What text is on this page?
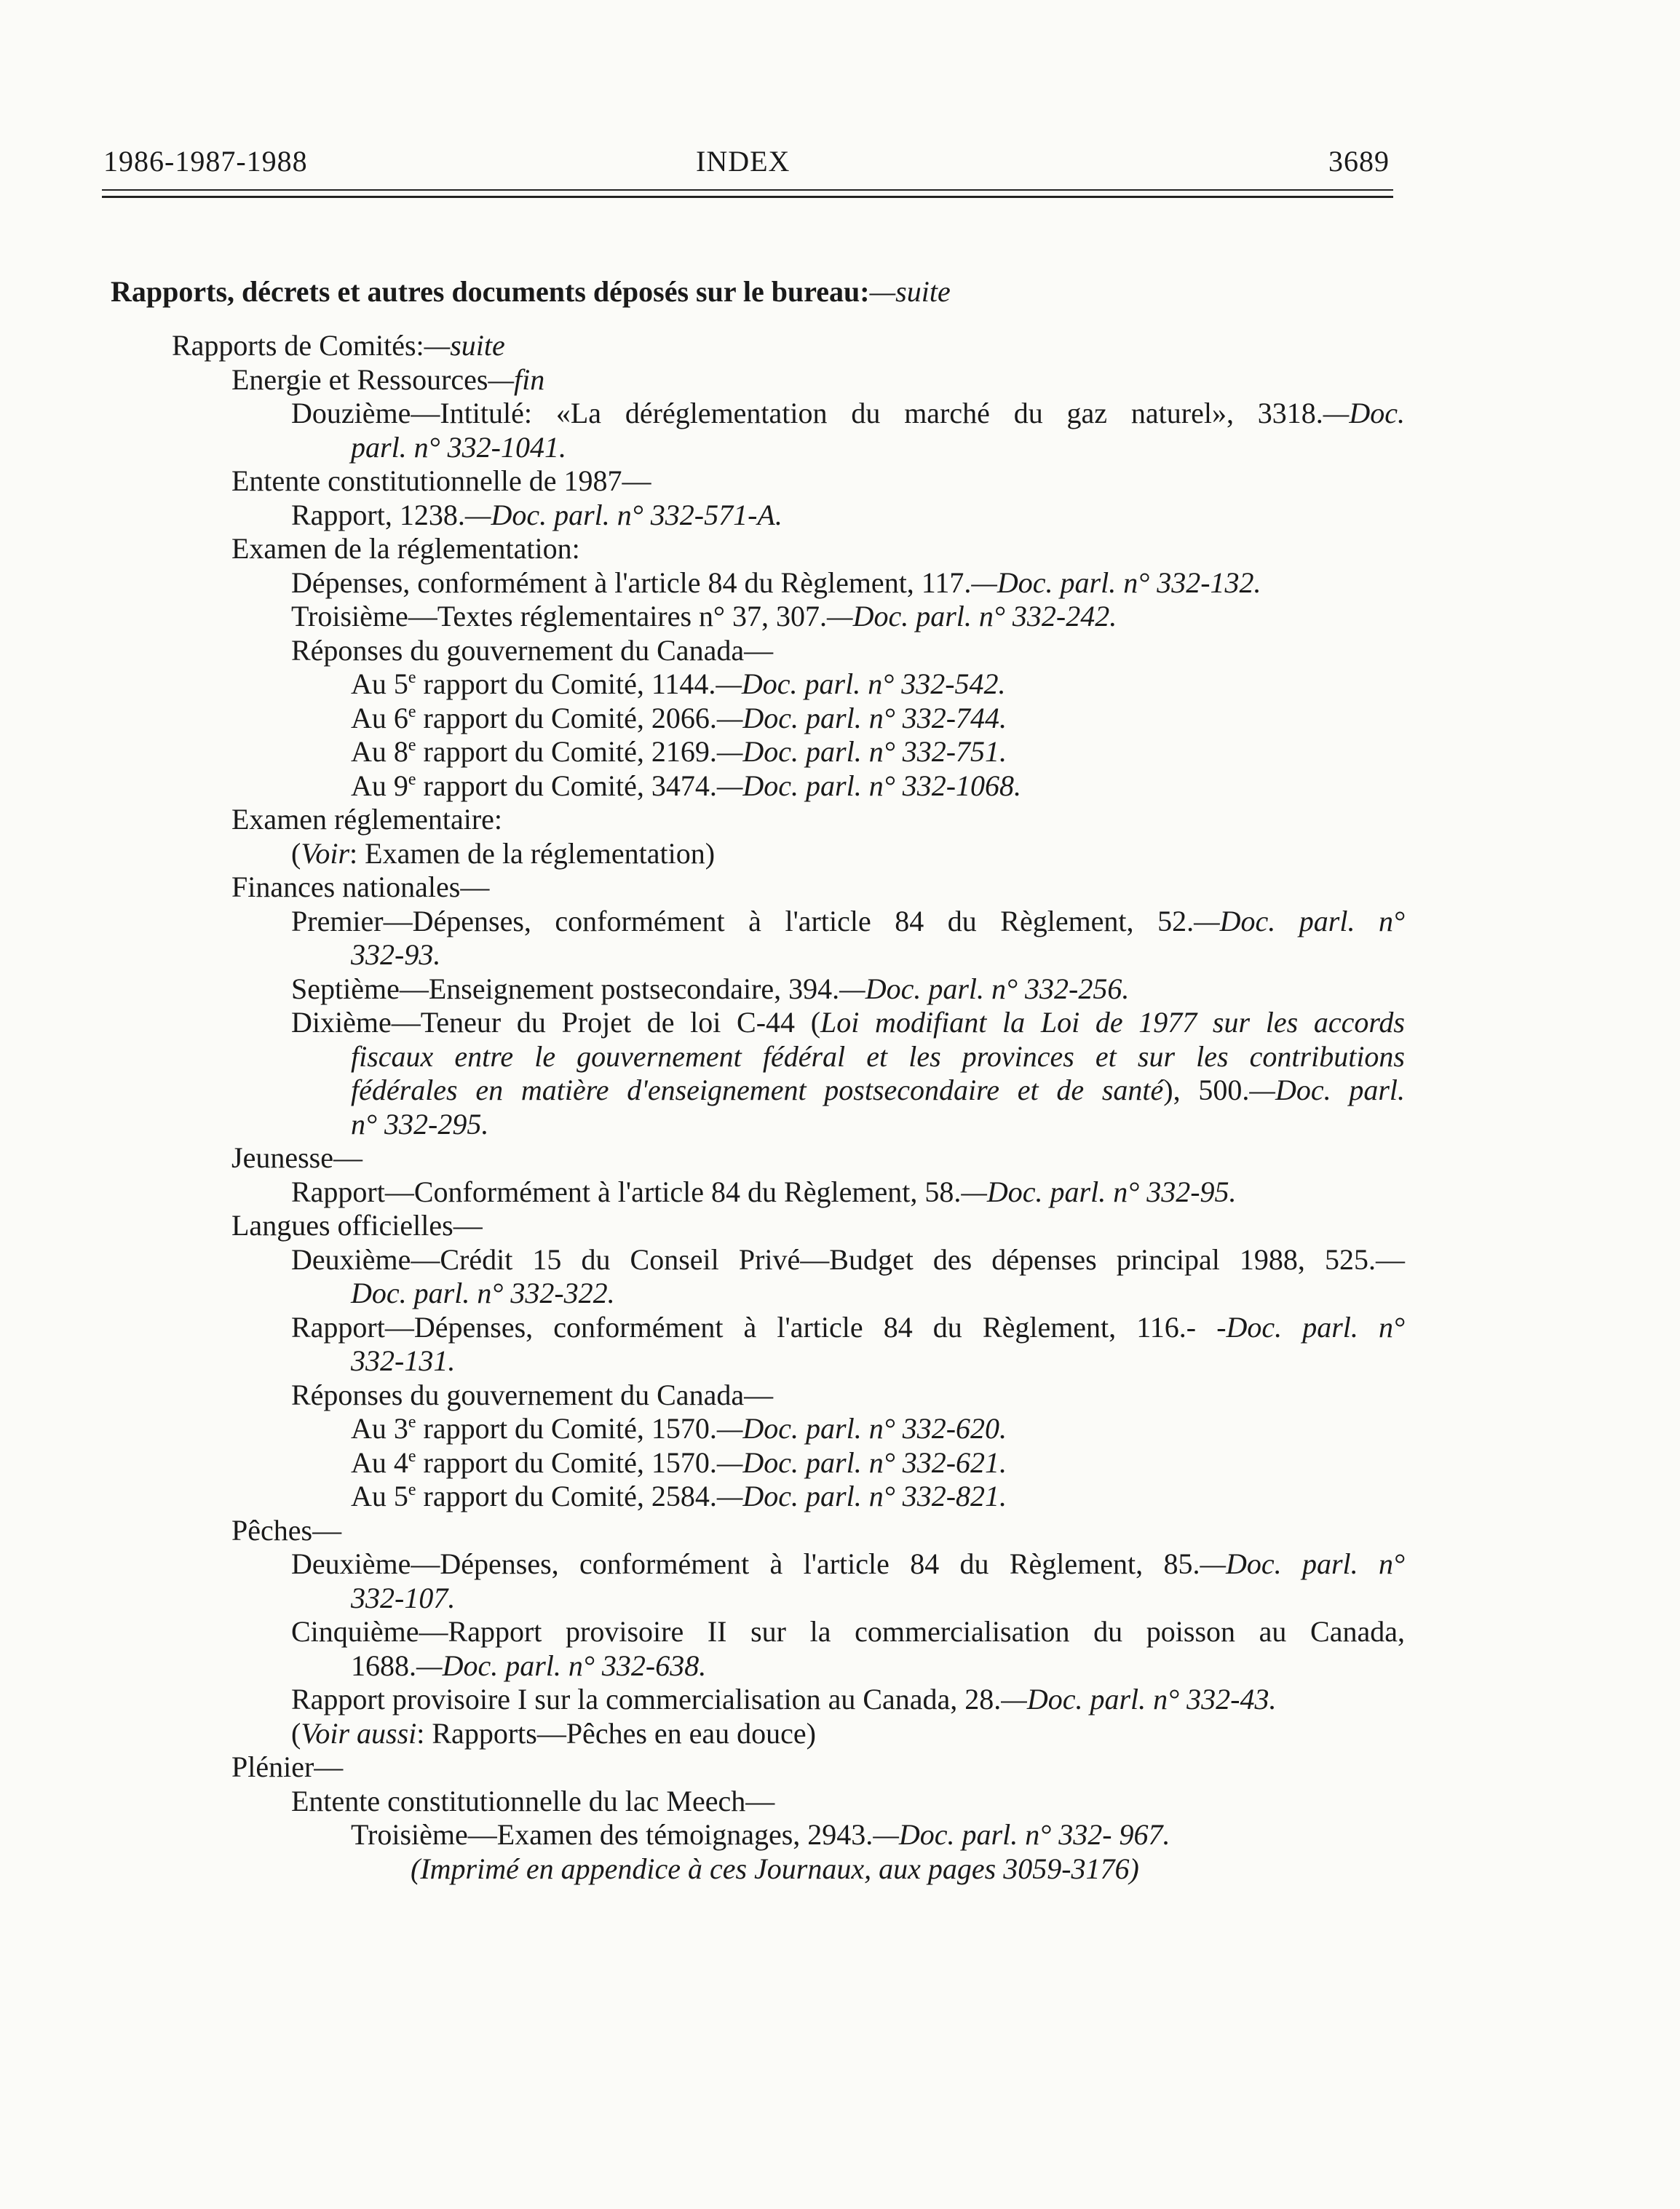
1986-1987-1988	INDEX	3689
Rapports, décrets et autres documents déposés sur le bureau:—suite
Rapports de Comités:—suite
Energie et Ressources—fin
Douzième—Intitulé: «La déréglementation du marché du gaz naturel», 3318.—Doc.
parl. n° 332-1041.
Entente constitutionnelle de 1987—
Rapport, 1238.—Doc. parl. n° 332-571-A.
Examen de la réglementation:
Dépenses, conformément à l'article 84 du Règlement, 117.—Doc. parl. n° 332-132.
Troisième—Textes réglementaires n° 37, 307.—Doc. parl. n° 332-242.
Réponses du gouvernement du Canada—
Au 5e rapport du Comité, 1144.—Doc. parl. n° 332-542.
Au 6e rapport du Comité, 2066.—Doc. parl. n° 332-744.
Au 8e rapport du Comité, 2169.—Doc. parl. n° 332-751.
Au 9e rapport du Comité, 3474.—Doc. parl. n° 332-1068.
Examen réglementaire:
(Voir: Examen de la réglementation)
Finances nationales—
Premier—Dépenses, conformément à l'article 84 du Règlement, 52.—Doc. parl. n°
332-93.
Septième—Enseignement postsecondaire, 394.—Doc. parl. n° 332-256.
Dixième—Teneur du Projet de loi C-44 (Loi modifiant la Loi de 1977 sur les accords
fiscaux entre le gouvernement fédéral et les provinces et sur les contributions
fédérales en matière d'enseignement postsecondaire et de santé), 500.—Doc. parl.
n° 332-295.
Jeunesse—
Rapport—Conformément à l'article 84 du Règlement, 58.—Doc. parl. n° 332-95.
Langues officielles—
Deuxième—Crédit 15 du Conseil Privé—Budget des dépenses principal 1988, 525.—
Doc. parl. n° 332-322.
Rapport—Dépenses, conformément à l'article 84 du Règlement, 116.- -Doc. parl. n°
332-131.
Réponses du gouvernement du Canada—
Au 3e rapport du Comité, 1570.—Doc. parl. n° 332-620.
Au 4e rapport du Comité, 1570.—Doc. parl. n° 332-621.
Au 5e rapport du Comité, 2584.—Doc. parl. n° 332-821.
Pêches—
Deuxième—Dépenses, conformément à l'article 84 du Règlement, 85.—Doc. parl. n°
332-107.
Cinquième—Rapport provisoire II sur la commercialisation du poisson au Canada,
1688.—Doc. parl. n° 332-638.
Rapport provisoire I sur la commercialisation au Canada, 28.—Doc. parl. n° 332-43.
(Voir aussi: Rapports—Pêches en eau douce)
Plénier—
Entente constitutionnelle du lac Meech—
Troisième—Examen des témoignages, 2943.—Doc. parl. n° 332- 967.
(Imprimé en appendice à ces Journaux, aux pages 3059-3176)
